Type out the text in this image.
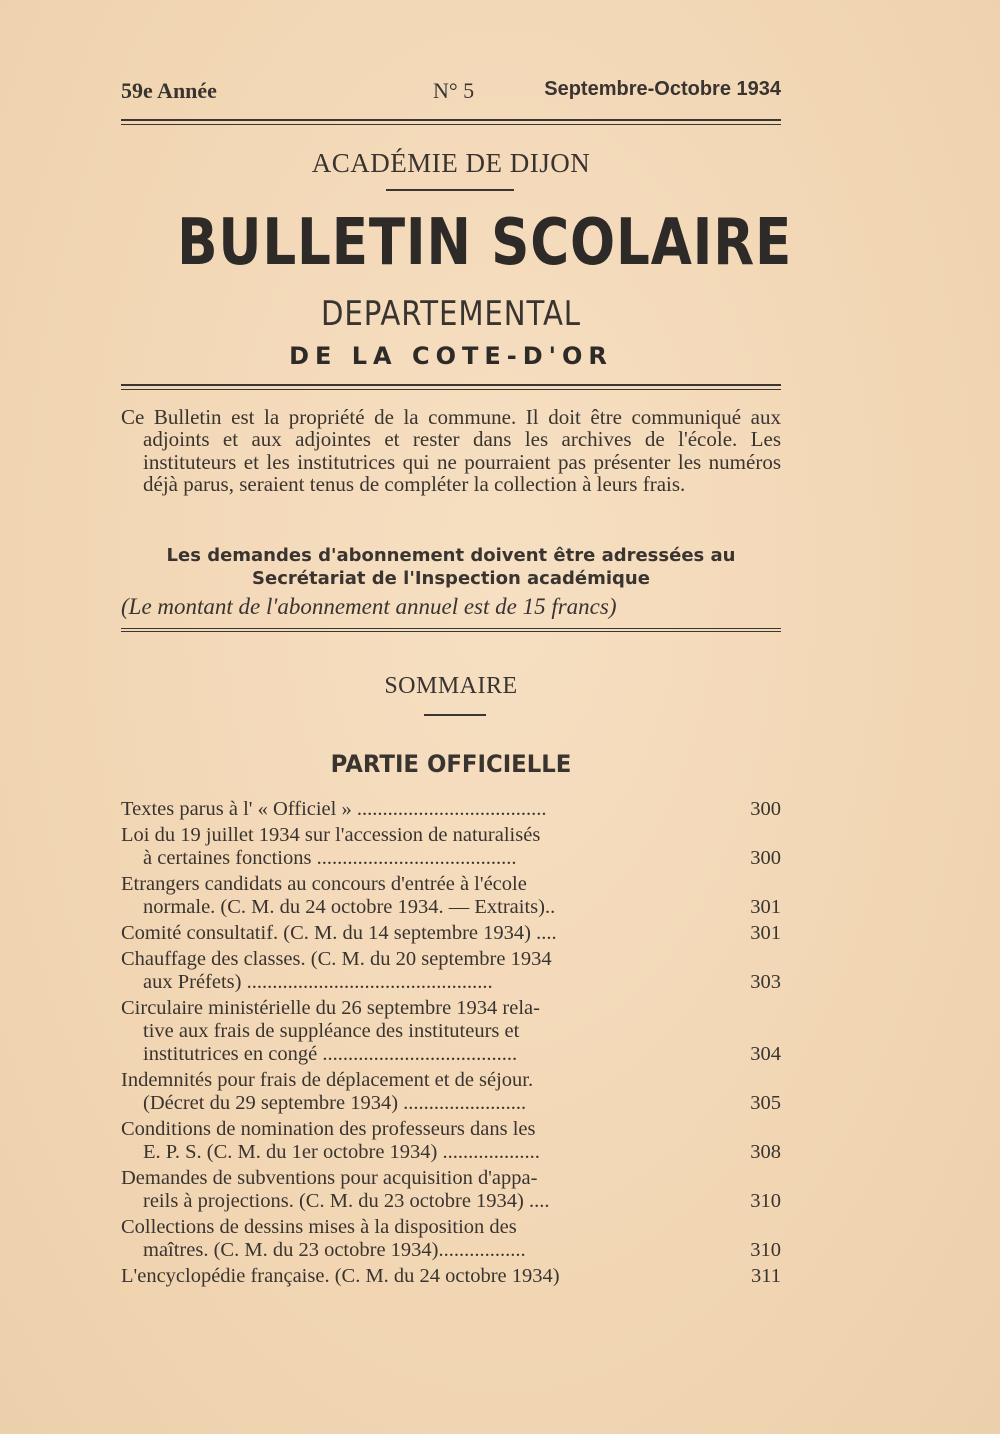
59e Année	N° 5	Septembre-Octobre 1934
ACADÉMIE DE DIJON
BULLETIN SCOLAIRE
DEPARTEMENTAL
DE LA COTE-D'OR

Ce Bulletin est la propriété de la commune. Il doit être communiqué aux adjoints et aux adjointes et rester dans les archives de l'école. Les instituteurs et les institutrices qui ne pourraient pas présenter les numéros déjà parus, seraient tenus de compléter la collection à leurs frais.

Les demandes d'abonnement doivent être adressées au
Secrétariat de l'Inspection académique
(Le montant de l'abonnement annuel est de 15 francs)
SOMMAIRE
PARTIE OFFICIELLE
Textes parus à l' « Officiel » .....................................	300
Loi du 19 juillet 1934 sur l'accession de naturalisés
à certaines fonctions .......................................	300
Etrangers candidats au concours d'entrée à l'école
normale. (C. M. du 24 octobre 1934. — Extraits)..	301
Comité consultatif. (C. M. du 14 septembre 1934) ....	301
Chauffage des classes. (C. M. du 20 septembre 1934
aux Préfets) ................................................	303
Circulaire ministérielle du 26 septembre 1934 rela-
tive aux frais de suppléance des instituteurs et
institutrices en congé ......................................	304
Indemnités pour frais de déplacement et de séjour.
(Décret du 29 septembre 1934) ........................	305
Conditions de nomination des professeurs dans les
E. P. S. (C. M. du 1er octobre 1934) ...................	308
Demandes de subventions pour acquisition d'appa-
reils à projections. (C. M. du 23 octobre 1934) ....	310
Collections de dessins mises à la disposition des
maîtres. (C. M. du 23 octobre 1934).................	310
L'encyclopédie française. (C. M. du 24 octobre 1934)	311
